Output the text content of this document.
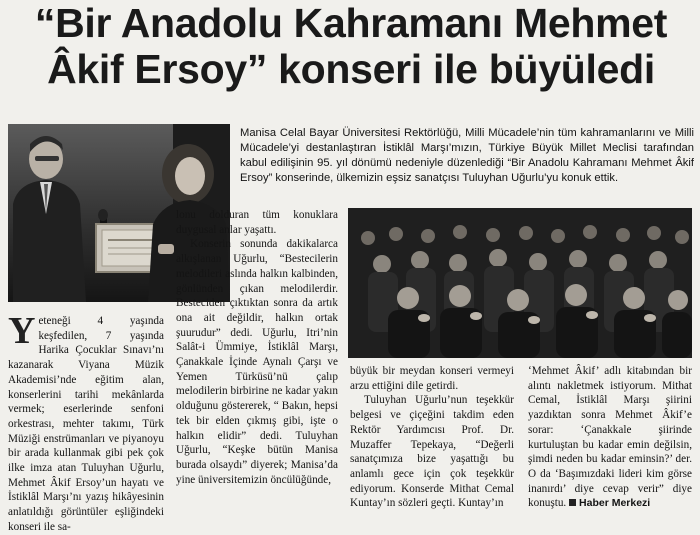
“Bir Anadolu Kahramanı Mehmet
Âkif Ersoy” konseri ile büyüledi

Manisa Celal Bayar Üniversitesi Rektörlüğü, Milli Mücadele’nin tüm kahramanlarını ve Milli Mücadele’yi destanlaştıran İstiklâl Marşı’mızın, Türkiye Büyük Millet Meclisi tarafından kabul edilişinin 95. yıl dönümü nedeniyle düzenlediği “Bir Anadolu Kahramanı Mehmet Âkif Ersoy” konserinde, ülkemizin eşsiz sanatçısı Tuluyhan Uğurlu’yu konuk ettik.

Y eteneği 4 yaşında keşfedilen, 7 yaşında Harika Çocuklar Sınavı’nı kazanarak Viyana Müzik Akademisi’nde eğitim alan, konserlerini tarihi mekânlarda vermek; eserlerinde senfoni orkestrası, mehter takımı, Türk Müziği enstrümanları ve piyanoyu bir arada kullanmak gibi pek çok ilke imza atan Tuluyhan Uğurlu, Mehmet Âkif Ersoy’un hayatı ve İstiklâl Marşı’nı yazış hikâyesinin anlatıldığı görüntüler eşliğindeki konseri ile sa-

lonu dolduran tüm konuklara duygusal anlar yaşattı.

Konserin sonunda dakikalarca alkışlanan Uğurlu, “Bestecilerin melodileri aslında halkın kalbinden, gönlünden çıkan melodilerdir. Besteciden çıktıktan sonra da artık ona ait değildir, halkın ortak şuurudur” dedi. Uğurlu, Itri’nin Salât-i Ümmiye, İstiklâl Marşı, Çanakkale İçinde Aynalı Çarşı ve Yemen Türküsü’nü çalıp melodilerin birbirine ne kadar yakın olduğunu göstererek, “ Bakın, hepsi tek bir elden çıkmış gibi, işte o halkın elidir” dedi. Tuluyhan Uğurlu, “Keşke bütün Manisa burada olsaydı” diyerek; Manisa’da yine üniversitemizin öncülüğünde,

büyük bir meydan konseri vermeyi arzu ettiğini dile getirdi.

Tuluyhan Uğurlu’nun teşekkür belgesi ve çiçeğini takdim eden Rektör Yardımcısı Prof. Dr. Muzaffer Tepekaya, “Değerli sanatçımıza bize yaşattığı bu anlamlı gece için çok teşekkür ediyorum. Konserde Mithat Cemal Kuntay’ın sözleri geçti. Kuntay’ın

‘Mehmet Âkif’ adlı kitabından bir alıntı nakletmek istiyorum. Mithat Cemal, İstiklâl Marşı şiirini yazdıktan sonra Mehmet Âkif’e sorar: ‘Çanakkale şiirinde kurtuluştan bu kadar emin değilsin, şimdi neden bu kadar eminsin?’ der. O da ‘Başımızdaki lideri kim görse inanırdı’ diye cevap verir” diye konuştu. Haber Merkezi
